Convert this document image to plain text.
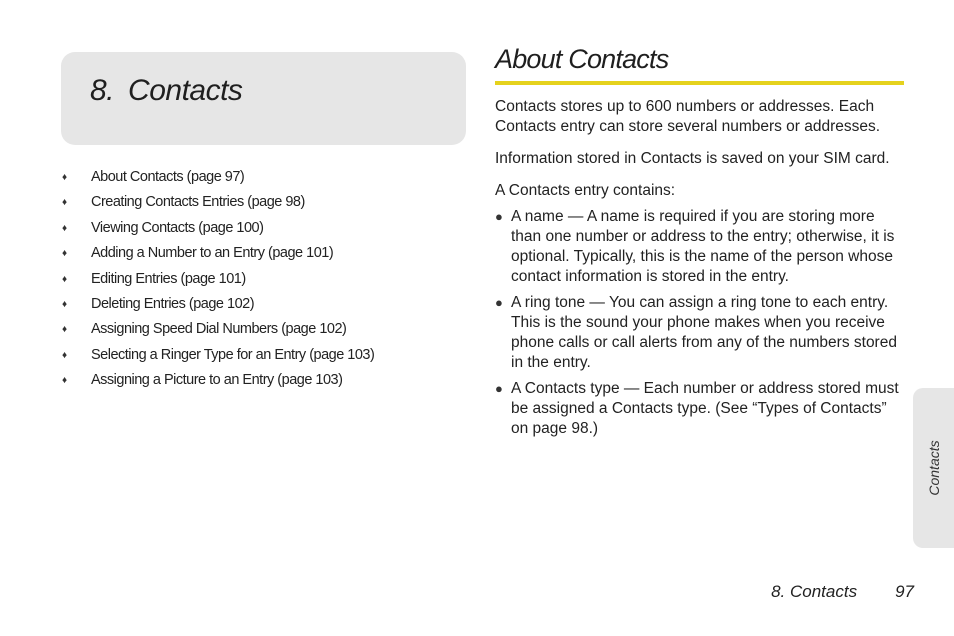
8. Contacts
♦ About Contacts (page 97)
♦ Creating Contacts Entries (page 98)
♦ Viewing Contacts (page 100)
♦ Adding a Number to an Entry (page 101)
♦ Editing Entries (page 101)
♦ Deleting Entries (page 102)
♦ Assigning Speed Dial Numbers (page 102)
♦ Selecting a Ringer Type for an Entry (page 103)
♦ Assigning a Picture to an Entry (page 103)
About Contacts

Contacts stores up to 600 numbers or addresses. Each Contacts entry can store several numbers or addresses.

Information stored in Contacts is saved on your SIM card.

A Contacts entry contains:

● A name — A name is required if you are storing more than one number or address to the entry; otherwise, it is optional. Typically, this is the name of the person whose contact information is stored in the entry.
● A ring tone — You can assign a ring tone to each entry. This is the sound your phone makes when you receive phone calls or call alerts from any of the numbers stored in the entry.
● A Contacts type — Each number or address stored must be assigned a Contacts type. (See “Types of Contacts” on page 98.)
Contacts
8. Contacts 97
